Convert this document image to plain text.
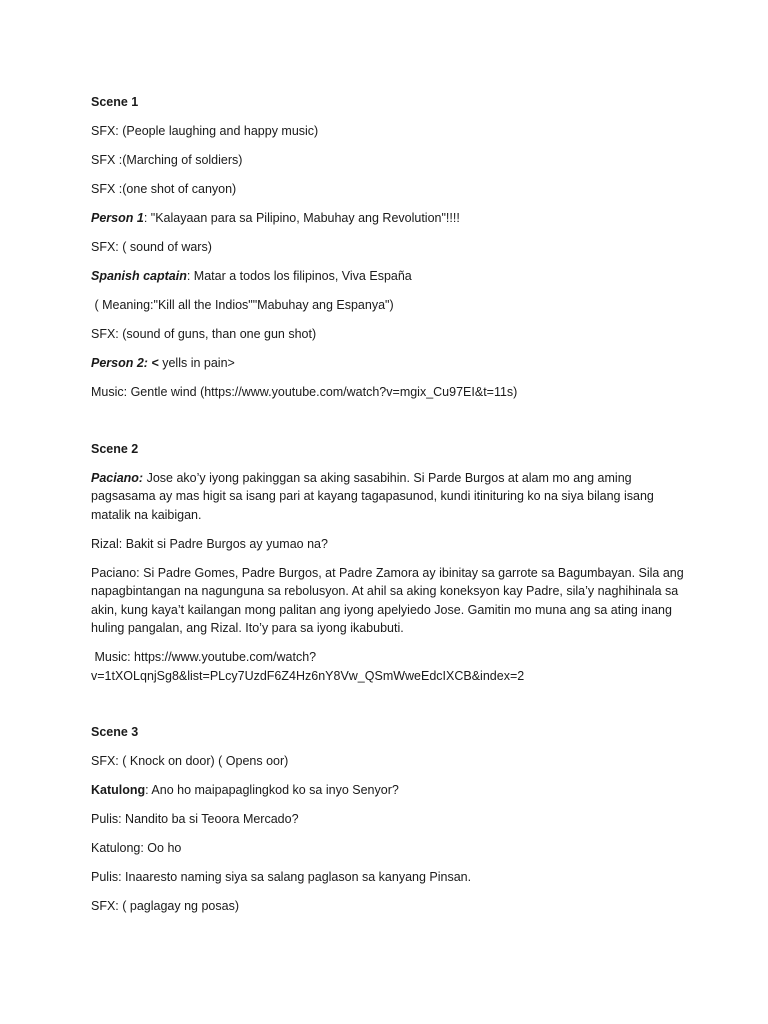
Scene 1
SFX: (People laughing and happy music)
SFX :(Marching of soldiers)
SFX :(one shot of canyon)
Person 1: "Kalayaan para sa Pilipino, Mabuhay ang Revolution"!!!!
SFX: ( sound of wars)
Spanish captain: Matar a todos los filipinos, Viva España
( Meaning:"Kill all the Indios""Mabuhay ang Espanya")
SFX: (sound of guns, than one gun shot)
Person 2: < yells in pain>
Music: Gentle wind (https://www.youtube.com/watch?v=mgix_Cu97EI&t=11s)
Scene 2
Paciano: Jose ako’y iyong pakinggan sa aking sasabihin. Si Parde Burgos at alam mo ang aming pagsasama ay mas higit sa isang pari at kayang tagapasunod, kundi itinituring ko na siya bilang isang matalik na kaibigan.
Rizal: Bakit si Padre Burgos ay yumao na?
Paciano: Si Padre Gomes, Padre Burgos, at Padre Zamora ay ibinitay sa garrote sa Bagumbayan. Sila ang napagbintangan na nagunguna sa rebolusyon. At ahil sa aking koneksyon kay Padre, sila’y naghihinala sa akin, kung kaya’t kailangan mong palitan ang iyong apelyiedo Jose. Gamitin mo muna ang sa ating inang huling pangalan, ang Rizal. Ito’y para sa iyong ikabubuti.
Music: https://www.youtube.com/watch?
v=1tXOLqnjSg8&list=PLcy7UzdF6Z4Hz6nY8Vw_QSmWweEdcIXCB&index=2
Scene 3
SFX: ( Knock on door) ( Opens oor)
Katulong: Ano ho maipapaglingkod ko sa inyo Senyor?
Pulis: Nandito ba si Teoora Mercado?
Katulong: Oo ho
Pulis: Inaaresto naming siya sa salang paglason sa kanyang Pinsan.
SFX: ( paglagay ng posas)
